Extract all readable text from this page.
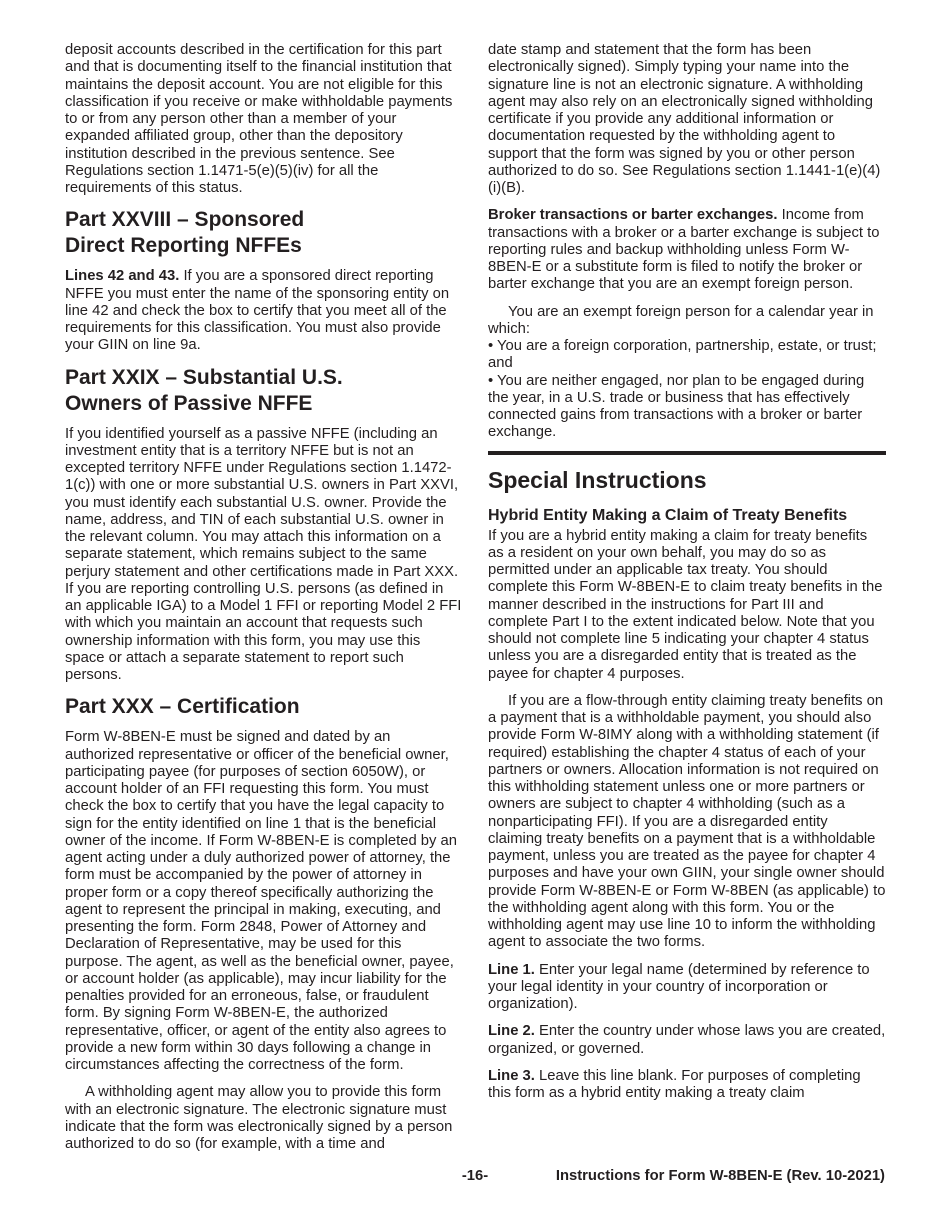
deposit accounts described in the certification for this part and that is documenting itself to the financial institution that maintains the deposit account. You are not eligible for this classification if you receive or make withholdable payments to or from any person other than a member of your expanded affiliated group, other than the depository institution described in the previous sentence. See Regulations section 1.1471-5(e)(5)(iv) for all the requirements of this status.

Part XXVIII – Sponsored
Direct Reporting NFFEs

Lines 42 and 43. If you are a sponsored direct reporting NFFE you must enter the name of the sponsoring entity on line 42 and check the box to certify that you meet all of the requirements for this classification. You must also provide your GIIN on line 9a.

Part XXIX – Substantial U.S.
Owners of Passive NFFE

If you identified yourself as a passive NFFE (including an investment entity that is a territory NFFE but is not an excepted territory NFFE under Regulations section 1.1472-1(c)) with one or more substantial U.S. owners in Part XXVI, you must identify each substantial U.S. owner. Provide the name, address, and TIN of each substantial U.S. owner in the relevant column. You may attach this information on a separate statement, which remains subject to the same perjury statement and other certifications made in Part XXX. If you are reporting controlling U.S. persons (as defined in an applicable IGA) to a Model 1 FFI or reporting Model 2 FFI with which you maintain an account that requests such ownership information with this form, you may use this space or attach a separate statement to report such persons.

Part XXX – Certification

Form W-8BEN-E must be signed and dated by an authorized representative or officer of the beneficial owner, participating payee (for purposes of section 6050W), or account holder of an FFI requesting this form. You must check the box to certify that you have the legal capacity to sign for the entity identified on line 1 that is the beneficial owner of the income. If Form W-8BEN-E is completed by an agent acting under a duly authorized power of attorney, the form must be accompanied by the power of attorney in proper form or a copy thereof specifically authorizing the agent to represent the principal in making, executing, and presenting the form. Form 2848, Power of Attorney and Declaration of Representative, may be used for this purpose. The agent, as well as the beneficial owner, payee, or account holder (as applicable), may incur liability for the penalties provided for an erroneous, false, or fraudulent form. By signing Form W-8BEN-E, the authorized representative, officer, or agent of the entity also agrees to provide a new form within 30 days following a change in circumstances affecting the correctness of the form.

A withholding agent may allow you to provide this form with an electronic signature. The electronic signature must indicate that the form was electronically signed by a person authorized to do so (for example, with a time and

date stamp and statement that the form has been electronically signed). Simply typing your name into the signature line is not an electronic signature. A withholding agent may also rely on an electronically signed withholding certificate if you provide any additional information or documentation requested by the withholding agent to support that the form was signed by you or other person authorized to do so. See Regulations section 1.1441-1(e)(4)(i)(B).

Broker transactions or barter exchanges. Income from transactions with a broker or a barter exchange is subject to reporting rules and backup withholding unless Form W-8BEN-E or a substitute form is filed to notify the broker or barter exchange that you are an exempt foreign person.

You are an exempt foreign person for a calendar year in which:

• You are a foreign corporation, partnership, estate, or trust; and

• You are neither engaged, nor plan to be engaged during the year, in a U.S. trade or business that has effectively connected gains from transactions with a broker or barter exchange.

Special Instructions
Hybrid Entity Making a Claim of Treaty Benefits

If you are a hybrid entity making a claim for treaty benefits as a resident on your own behalf, you may do so as permitted under an applicable tax treaty. You should complete this Form W-8BEN-E to claim treaty benefits in the manner described in the instructions for Part III and complete Part I to the extent indicated below. Note that you should not complete line 5 indicating your chapter 4 status unless you are a disregarded entity that is treated as the payee for chapter 4 purposes.

If you are a flow-through entity claiming treaty benefits on a payment that is a withholdable payment, you should also provide Form W-8IMY along with a withholding statement (if required) establishing the chapter 4 status of each of your partners or owners. Allocation information is not required on this withholding statement unless one or more partners or owners are subject to chapter 4 withholding (such as a nonparticipating FFI). If you are a disregarded entity claiming treaty benefits on a payment that is a withholdable payment, unless you are treated as the payee for chapter 4 purposes and have your own GIIN, your single owner should provide Form W-8BEN-E or Form W-8BEN (as applicable) to the withholding agent along with this form. You or the withholding agent may use line 10 to inform the withholding agent to associate the two forms.

Line 1. Enter your legal name (determined by reference to your legal identity in your country of incorporation or organization).

Line 2. Enter the country under whose laws you are created, organized, or governed.

Line 3. Leave this line blank. For purposes of completing this form as a hybrid entity making a treaty claim

-16-	Instructions for Form W-8BEN-E (Rev. 10-2021)
